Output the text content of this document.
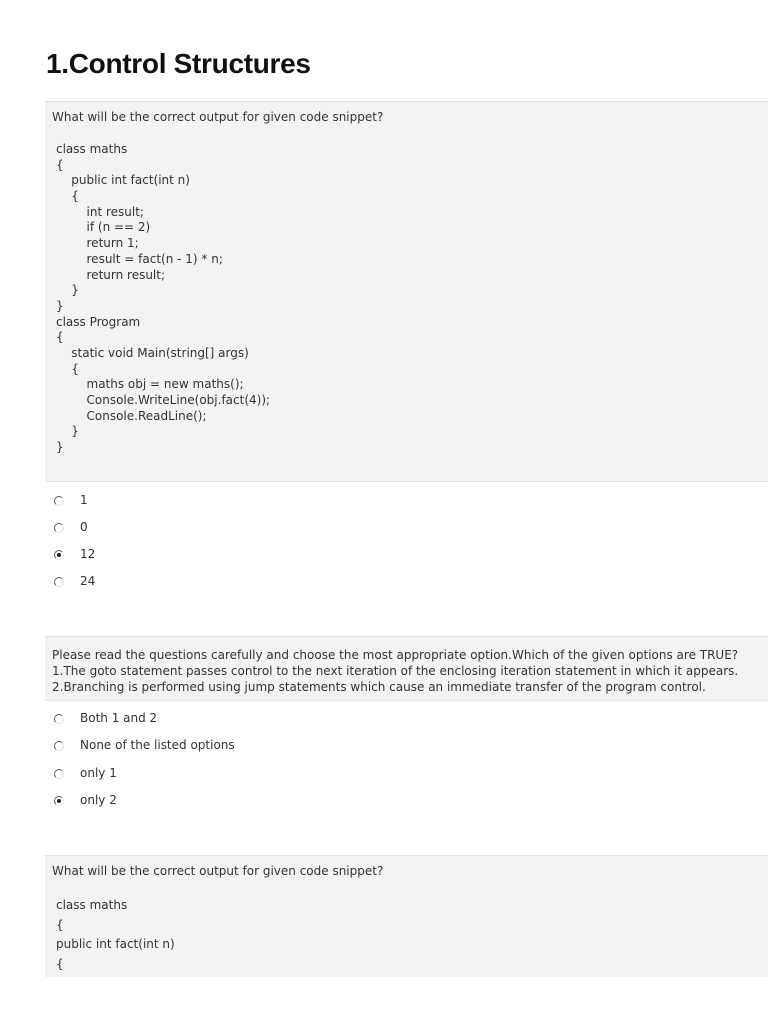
1.Control Structures
What will be the correct output for given code snippet?
class maths
{
public int fact(int n)
{
int result;
if (n == 2)
return 1;
result = fact(n - 1) * n;
return result;
}
}
class Program
{
static void Main(string[] args)
{
maths obj = new maths();
Console.WriteLine(obj.fact(4));
Console.ReadLine();
}
}
1
0
12
24
Please read the questions carefully and choose the most appropriate option.Which of the given options are TRUE?
1.The goto statement passes control to the next iteration of the enclosing iteration statement in which it appears.
2.Branching is performed using jump statements which cause an immediate transfer of the program control.
Both 1 and 2
None of the listed options
only 1
only 2
What will be the correct output for given code snippet?
class maths
{
public int fact(int n)
{
